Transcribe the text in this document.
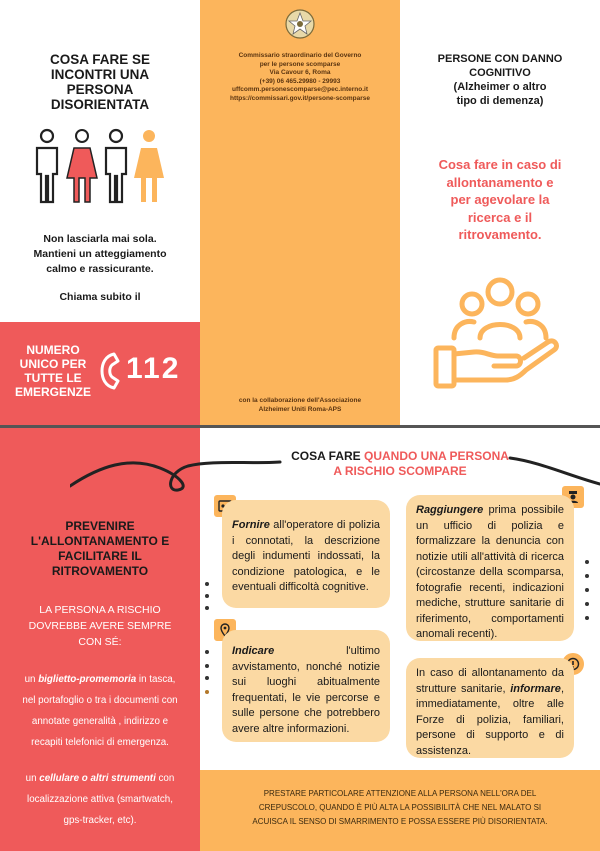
COSA FARE SE
INCONTRI UNA
PERSONA
DISORIENTATA
Non lasciarla mai sola.
Mantieni un atteggiamento
calmo e rassicurante.
Chiama subito il
NUMERO
UNICO PER
TUTTE LE
EMERGENZE
112
Commissario straordinario del Governo
per le persone scomparse
Via Cavour 6, Roma
(+39) 06 465.29980 - 29993
uffcomm.personescomparse@pec.interno.it
https://commissari.gov.it/persone-scomparse
con la collaborazione dell'Associazione
Alzheimer Uniti Roma-APS
PERSONE CON DANNO
COGNITIVO
(Alzheimer o altro
tipo di demenza)
Cosa fare in caso di
allontanamento e
per agevolare la
ricerca e il
ritrovamento.
PREVENIRE
L'ALLONTANAMENTO E
FACILITARE IL
RITROVAMENTO
LA PERSONA A RISCHIO
DOVREBBE AVERE SEMPRE
CON SÉ:
un biglietto-promemoria in tasca,
nel portafoglio o tra i documenti con
annotate generalità , indirizzo e
recapiti telefonici di emergenza.
un cellulare o altri strumenti con
localizzazione attiva (smartwatch,
gps-tracker, etc).
COSA FARE QUANDO UNA PERSONA
A RISCHIO SCOMPARE
Fornire all'operatore di polizia i connotati, la descrizione degli indumenti indossati, la condizione patologica, e le eventuali difficoltà cognitive.
Indicare l'ultimo avvistamento, nonché notizie sui luoghi abitualmente frequentati, le vie percorse e sulle persone che potrebbero avere altre informazioni.
Raggiungere prima possibile un ufficio di polizia e formalizzare la denuncia con notizie utili all'attività di ricerca (circostanze della scomparsa, fotografie recenti, indicazioni mediche, strutture sanitarie di riferimento, comportamenti anomali recenti).
In caso di allontanamento da strutture sanitarie, informare, immediatamente, oltre alle Forze di polizia, familiari, persone di supporto e di assistenza.
PRESTARE PARTICOLARE ATTENZIONE ALLA PERSONA NELL'ORA DEL
CREPUSCOLO, QUANDO È PIÙ ALTA LA POSSIBILITÀ CHE NEL MALATO SI
ACUISCA IL SENSO DI SMARRIMENTO E POSSA ESSERE PIÙ DISORIENTATA.
